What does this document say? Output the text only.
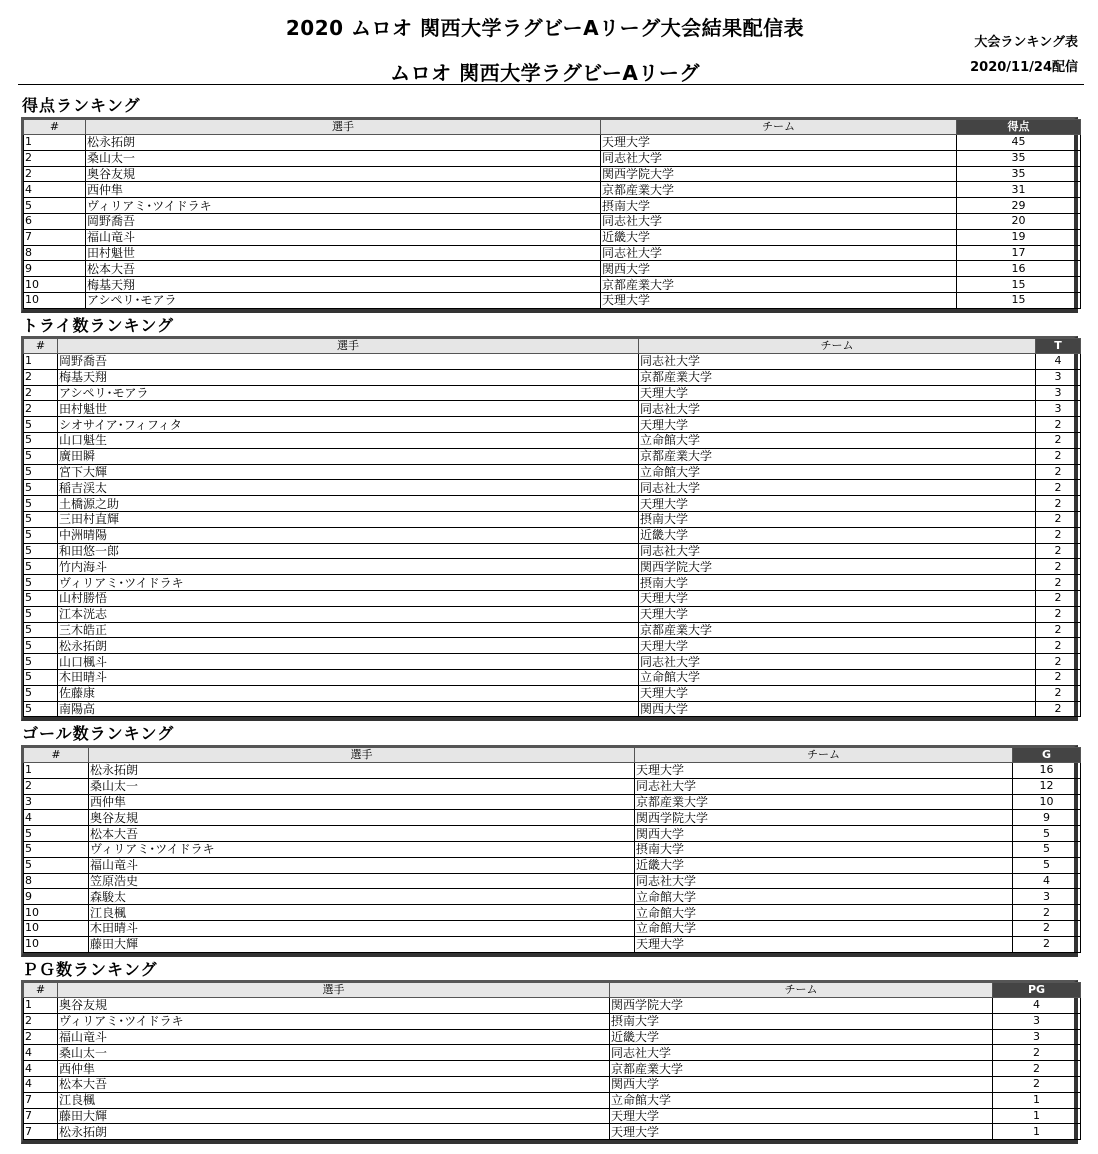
2020 ムロオ 関西大学ラグビーAリーグ大会結果配信表
ムロオ 関西大学ラグビーAリーグ
大会ランキング表
2020/11/24配信
得点ランキング
#	選手	チーム	得点
1	松永拓朗	天理大学	45
2	桑山太一	同志社大学	35
2	奥谷友規	関西学院大学	35
4	西仲隼	京都産業大学	31
5	ヴィリアミ･ツイドラキ	摂南大学	29
6	岡野喬吾	同志社大学	20
7	福山竜斗	近畿大学	19
8	田村魁世	同志社大学	17
9	松本大吾	関西大学	16
10	梅基天翔	京都産業大学	15
10	アシペリ･モアラ	天理大学	15
トライ数ランキング
#	選手	チーム	T
1	岡野喬吾	同志社大学	4
2	梅基天翔	京都産業大学	3
2	アシペリ･モアラ	天理大学	3
2	田村魁世	同志社大学	3
5	シオサイア･フィフィタ	天理大学	2
5	山口魁生	立命館大学	2
5	廣田瞬	京都産業大学	2
5	宮下大輝	立命館大学	2
5	稲吉渓太	同志社大学	2
5	土橋源之助	天理大学	2
5	三田村直輝	摂南大学	2
5	中洲晴陽	近畿大学	2
5	和田悠一郎	同志社大学	2
5	竹内海斗	関西学院大学	2
5	ヴィリアミ･ツイドラキ	摂南大学	2
5	山村勝悟	天理大学	2
5	江本洸志	天理大学	2
5	三木皓正	京都産業大学	2
5	松永拓朗	天理大学	2
5	山口楓斗	同志社大学	2
5	木田晴斗	立命館大学	2
5	佐藤康	天理大学	2
5	南陽高	関西大学	2
ゴール数ランキング
#	選手	チーム	G
1	松永拓朗	天理大学	16
2	桑山太一	同志社大学	12
3	西仲隼	京都産業大学	10
4	奥谷友規	関西学院大学	9
5	松本大吾	関西大学	5
5	ヴィリアミ･ツイドラキ	摂南大学	5
5	福山竜斗	近畿大学	5
8	笠原浩史	同志社大学	4
9	森駿太	立命館大学	3
10	江良楓	立命館大学	2
10	木田晴斗	立命館大学	2
10	藤田大輝	天理大学	2
ＰＧ数ランキング
#	選手	チーム	PG
1	奥谷友規	関西学院大学	4
2	ヴィリアミ･ツイドラキ	摂南大学	3
2	福山竜斗	近畿大学	3
4	桑山太一	同志社大学	2
4	西仲隼	京都産業大学	2
4	松本大吾	関西大学	2
7	江良楓	立命館大学	1
7	藤田大輝	天理大学	1
7	松永拓朗	天理大学	1
